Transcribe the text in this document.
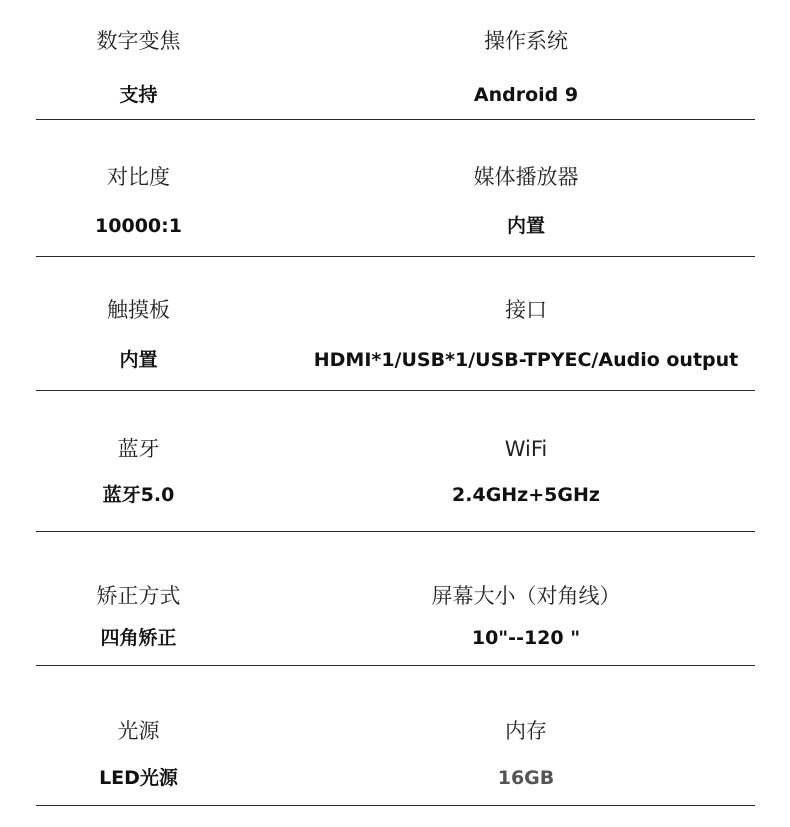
数字变焦
支持
操作系统
Android 9
对比度
10000:1
媒体播放器
内置
触摸板
内置
接口
HDMI*1/USB*1/USB-TPYEC/Audio output
蓝牙
蓝牙5.0
WiFi
2.4GHz+5GHz
矫正方式
四角矫正
屏幕大小（对角线）
10"--120 "
光源
LED光源
内存
16GB
